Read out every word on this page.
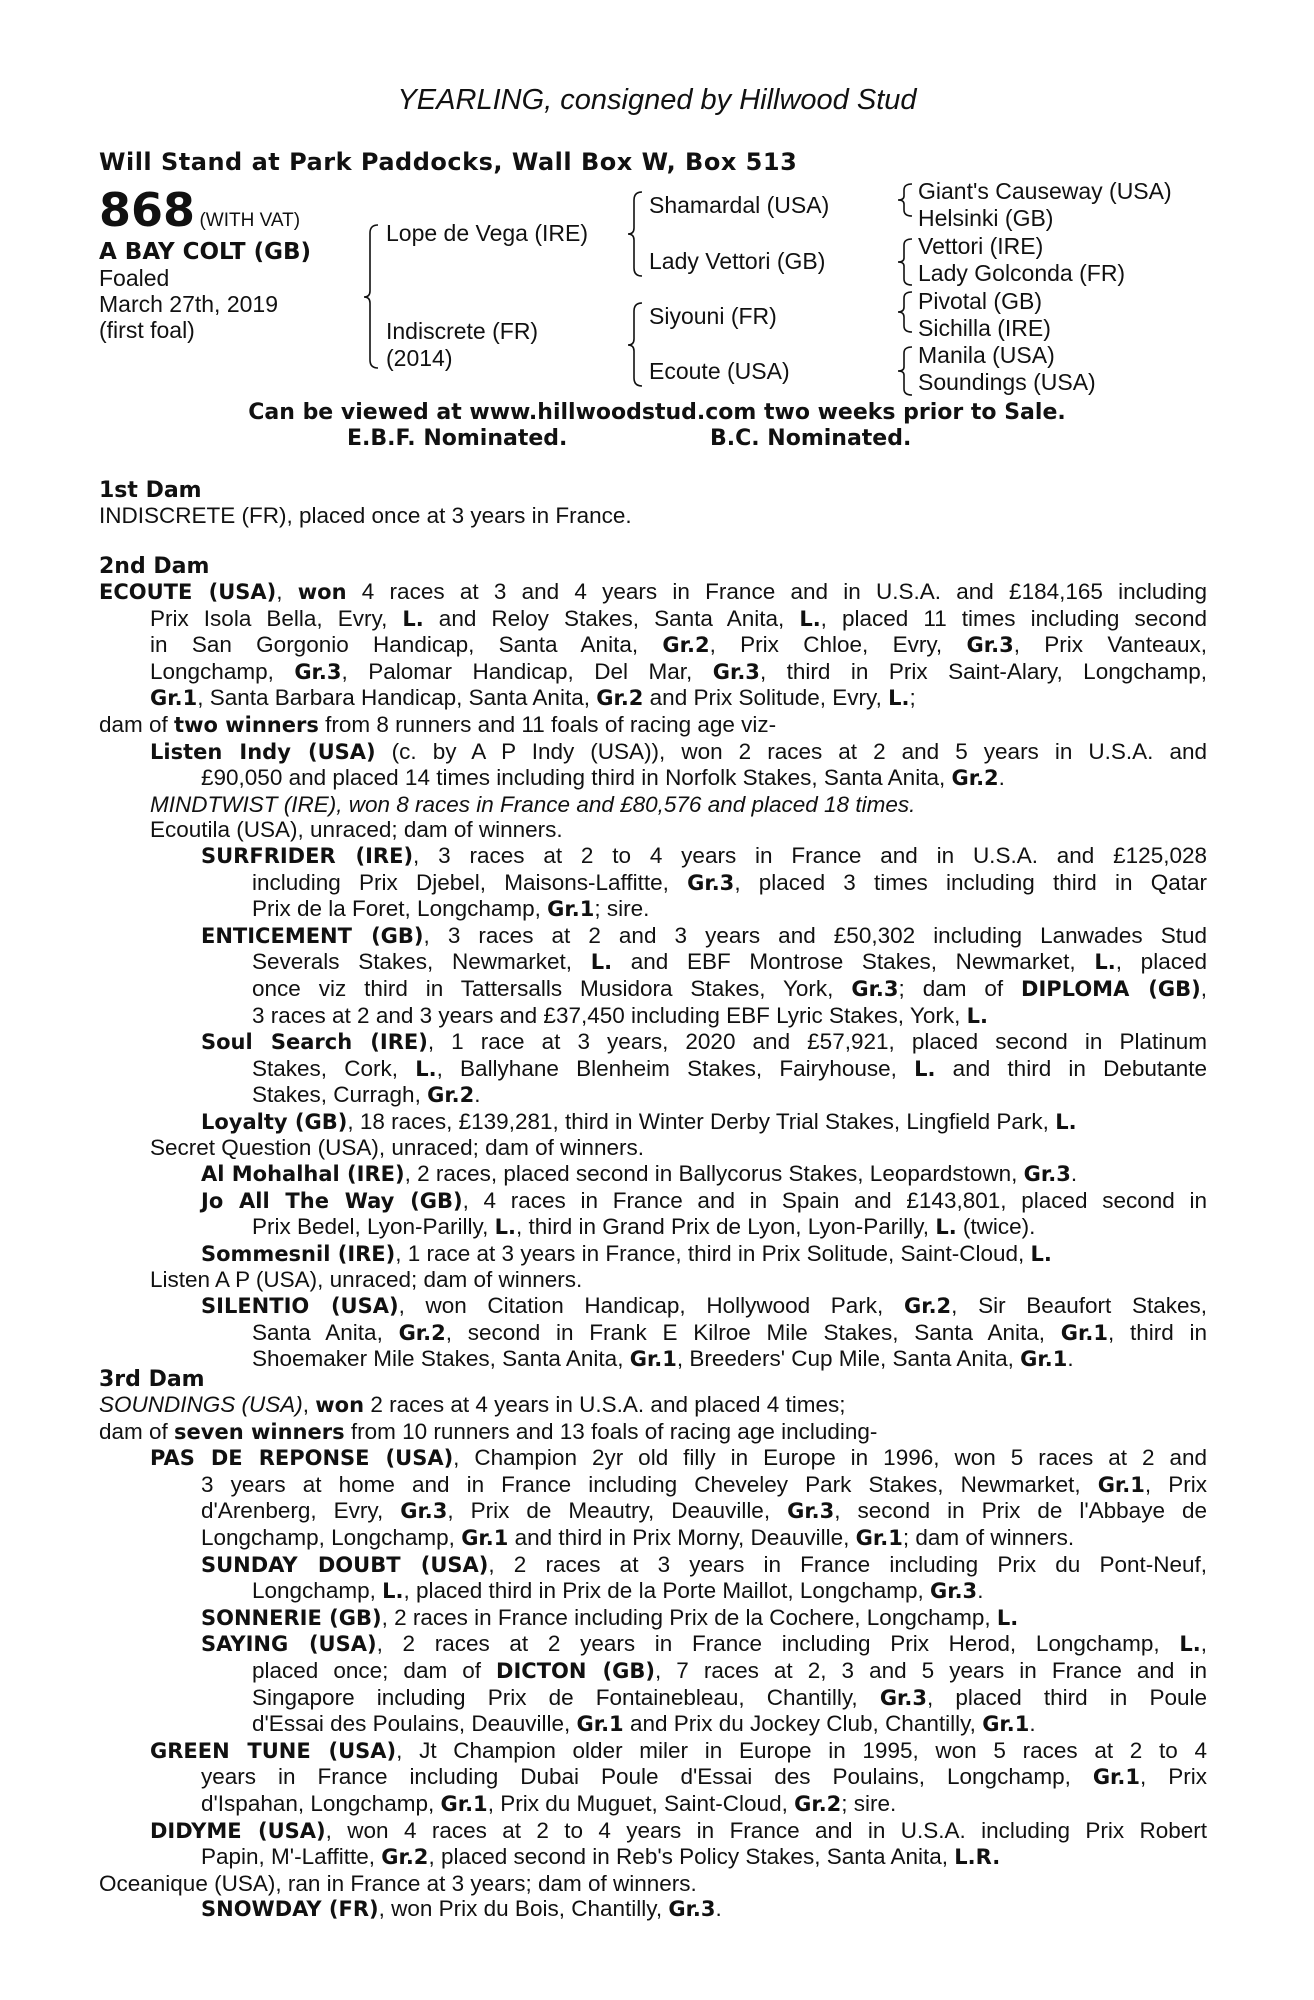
YEARLING, consigned by Hillwood Stud
Will Stand at Park Paddocks, Wall Box W, Box 513
868 (WITH VAT)
A BAY COLT (GB)
Foaled
March 27th, 2019
(first foal)
Lope de Vega (IRE)
Indiscrete (FR)
(2014)
Shamardal (USA)
Lady Vettori (GB)
Siyouni (FR)
Ecoute (USA)
Giant's Causeway (USA)
Helsinki (GB)
Vettori (IRE)
Lady Golconda (FR)
Pivotal (GB)
Sichilla (IRE)
Manila (USA)
Soundings (USA)
Can be viewed at www.hillwoodstud.com two weeks prior to Sale.
E.B.F. Nominated.	B.C. Nominated.
1st Dam
INDISCRETE (FR), placed once at 3 years in France.
2nd Dam
ECOUTE (USA), won 4 races at 3 and 4 years in France and in U.S.A. and £184,165 including
Prix Isola Bella, Evry, L. and Reloy Stakes, Santa Anita, L., placed 11 times including second
in San Gorgonio Handicap, Santa Anita, Gr.2, Prix Chloe, Evry, Gr.3, Prix Vanteaux,
Longchamp, Gr.3, Palomar Handicap, Del Mar, Gr.3, third in Prix Saint-Alary, Longchamp,
Gr.1, Santa Barbara Handicap, Santa Anita, Gr.2 and Prix Solitude, Evry, L.;
dam of two winners from 8 runners and 11 foals of racing age viz-
Listen Indy (USA) (c. by A P Indy (USA)), won 2 races at 2 and 5 years in U.S.A. and
£90,050 and placed 14 times including third in Norfolk Stakes, Santa Anita, Gr.2.
MINDTWIST (IRE), won 8 races in France and £80,576 and placed 18 times.
Ecoutila (USA), unraced; dam of winners.
SURFRIDER (IRE), 3 races at 2 to 4 years in France and in U.S.A. and £125,028
including Prix Djebel, Maisons-Laffitte, Gr.3, placed 3 times including third in Qatar
Prix de la Foret, Longchamp, Gr.1; sire.
ENTICEMENT (GB), 3 races at 2 and 3 years and £50,302 including Lanwades Stud
Severals Stakes, Newmarket, L. and EBF Montrose Stakes, Newmarket, L., placed
once viz third in Tattersalls Musidora Stakes, York, Gr.3; dam of DIPLOMA (GB),
3 races at 2 and 3 years and £37,450 including EBF Lyric Stakes, York, L.
Soul Search (IRE), 1 race at 3 years, 2020 and £57,921, placed second in Platinum
Stakes, Cork, L., Ballyhane Blenheim Stakes, Fairyhouse, L. and third in Debutante
Stakes, Curragh, Gr.2.
Loyalty (GB), 18 races, £139,281, third in Winter Derby Trial Stakes, Lingfield Park, L.
Secret Question (USA), unraced; dam of winners.
Al Mohalhal (IRE), 2 races, placed second in Ballycorus Stakes, Leopardstown, Gr.3.
Jo All The Way (GB), 4 races in France and in Spain and £143,801, placed second in
Prix Bedel, Lyon-Parilly, L., third in Grand Prix de Lyon, Lyon-Parilly, L. (twice).
Sommesnil (IRE), 1 race at 3 years in France, third in Prix Solitude, Saint-Cloud, L.
Listen A P (USA), unraced; dam of winners.
SILENTIO (USA), won Citation Handicap, Hollywood Park, Gr.2, Sir Beaufort Stakes,
Santa Anita, Gr.2, second in Frank E Kilroe Mile Stakes, Santa Anita, Gr.1, third in
Shoemaker Mile Stakes, Santa Anita, Gr.1, Breeders' Cup Mile, Santa Anita, Gr.1.
3rd Dam
SOUNDINGS (USA), won 2 races at 4 years in U.S.A. and placed 4 times;
dam of seven winners from 10 runners and 13 foals of racing age including-
PAS DE REPONSE (USA), Champion 2yr old filly in Europe in 1996, won 5 races at 2 and
3 years at home and in France including Cheveley Park Stakes, Newmarket, Gr.1, Prix
d'Arenberg, Evry, Gr.3, Prix de Meautry, Deauville, Gr.3, second in Prix de l'Abbaye de
Longchamp, Longchamp, Gr.1 and third in Prix Morny, Deauville, Gr.1; dam of winners.
SUNDAY DOUBT (USA), 2 races at 3 years in France including Prix du Pont-Neuf,
Longchamp, L., placed third in Prix de la Porte Maillot, Longchamp, Gr.3.
SONNERIE (GB), 2 races in France including Prix de la Cochere, Longchamp, L.
SAYING (USA), 2 races at 2 years in France including Prix Herod, Longchamp, L.,
placed once; dam of DICTON (GB), 7 races at 2, 3 and 5 years in France and in
Singapore including Prix de Fontainebleau, Chantilly, Gr.3, placed third in Poule
d'Essai des Poulains, Deauville, Gr.1 and Prix du Jockey Club, Chantilly, Gr.1.
GREEN TUNE (USA), Jt Champion older miler in Europe in 1995, won 5 races at 2 to 4
years in France including Dubai Poule d'Essai des Poulains, Longchamp, Gr.1, Prix
d'Ispahan, Longchamp, Gr.1, Prix du Muguet, Saint-Cloud, Gr.2; sire.
DIDYME (USA), won 4 races at 2 to 4 years in France and in U.S.A. including Prix Robert
Papin, M'-Laffitte, Gr.2, placed second in Reb's Policy Stakes, Santa Anita, L.R.
Oceanique (USA), ran in France at 3 years; dam of winners.
SNOWDAY (FR), won Prix du Bois, Chantilly, Gr.3.
